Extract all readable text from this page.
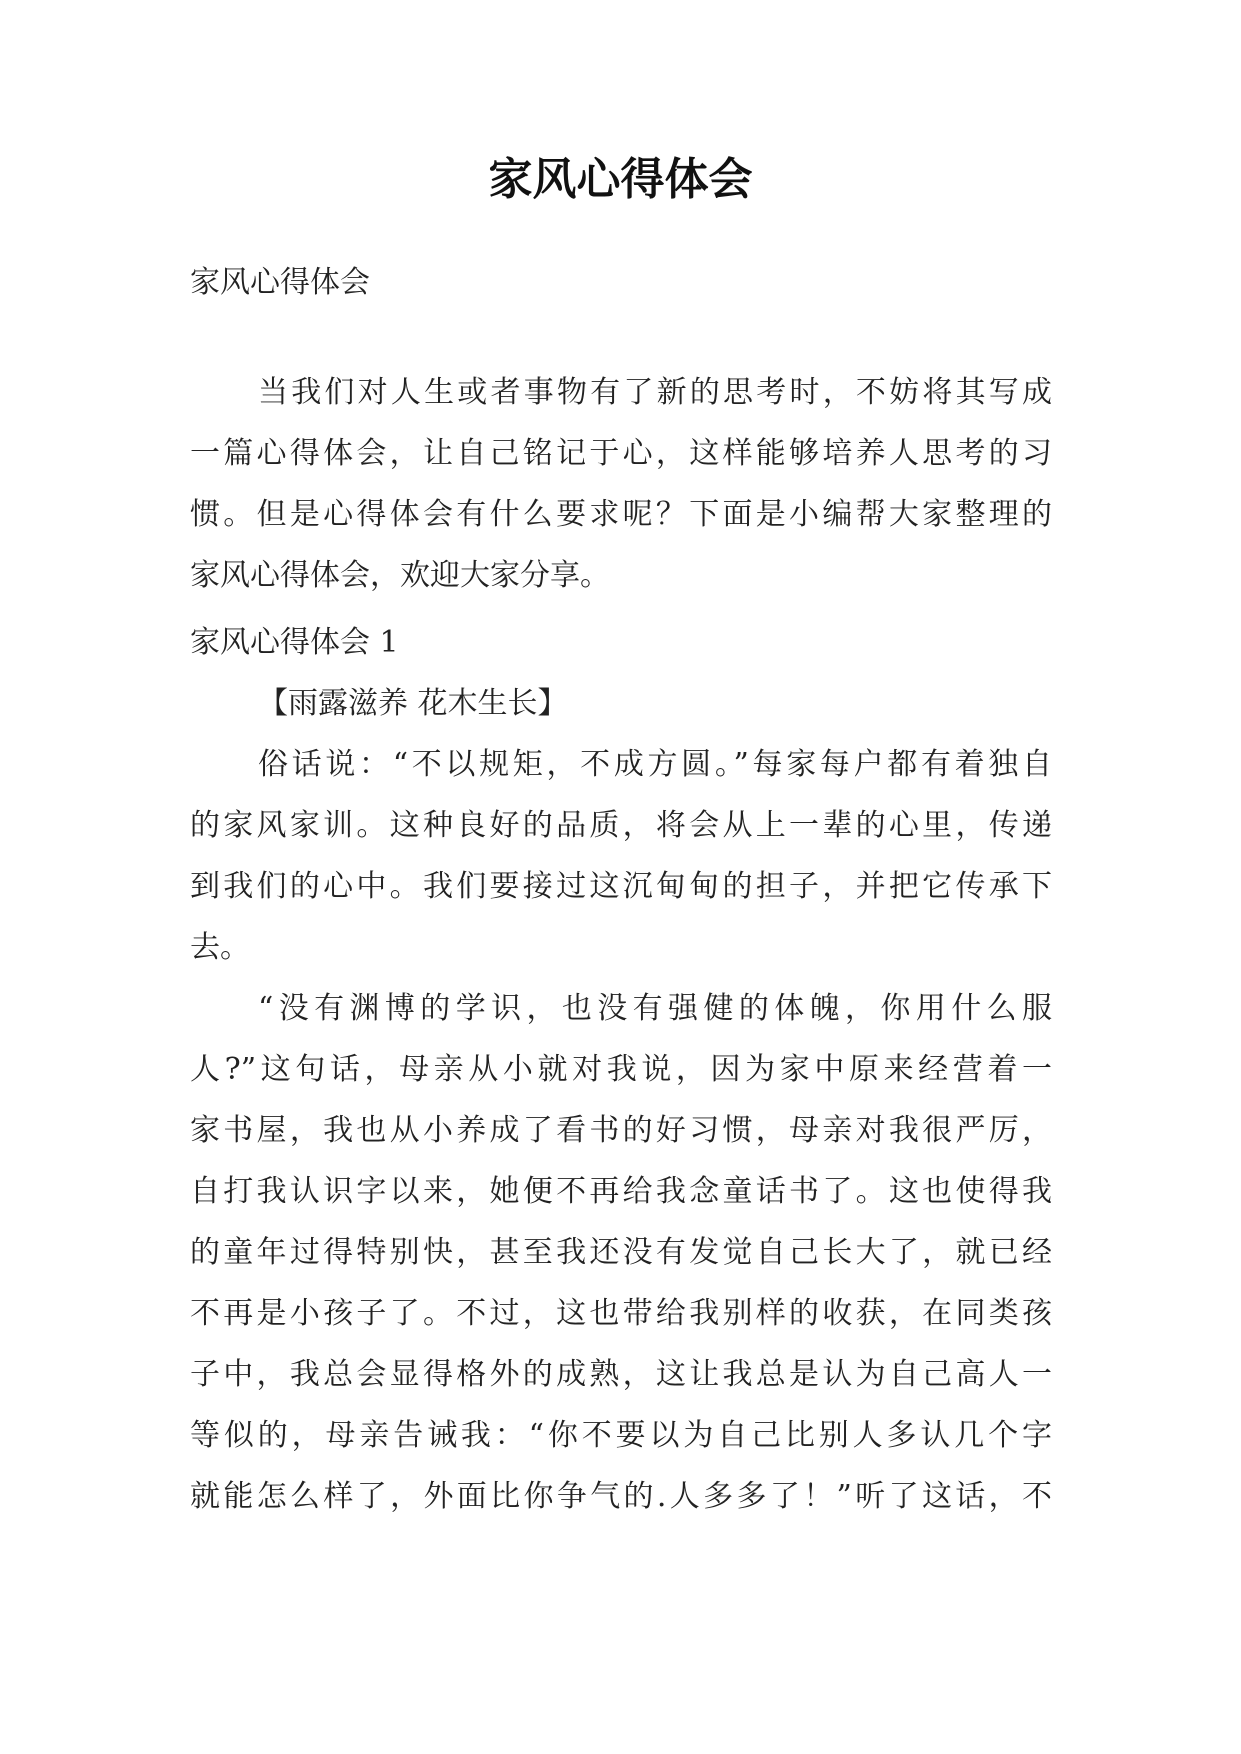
家风心得体会
家风心得体会
当我们对人生或者事物有了新的思考时，不妨将其写成
一篇心得体会，让自己铭记于心，这样能够培养人思考的习
惯。但是心得体会有什么要求呢？下面是小编帮大家整理的
家风心得体会，欢迎大家分享。
家风心得体会 1
【雨露滋养 花木生长】
俗话说：“不以规矩，不成方圆。”每家每户都有着独自
的家风家训。这种良好的品质，将会从上一辈的心里，传递
到我们的心中。我们要接过这沉甸甸的担子，并把它传承下
去。
“没有渊博的学识，也没有强健的体魄，你用什么服
人?”这句话，母亲从小就对我说，因为家中原来经营着一
家书屋，我也从小养成了看书的好习惯，母亲对我很严厉，
自打我认识字以来，她便不再给我念童话书了。这也使得我
的童年过得特别快，甚至我还没有发觉自己长大了，就已经
不再是小孩子了。不过，这也带给我别样的收获，在同类孩
子中，我总会显得格外的成熟，这让我总是认为自己高人一
等似的，母亲告诫我：“你不要以为自己比别人多认几个字
就能怎么样了，外面比你争气的.人多多了！”听了这话，不
